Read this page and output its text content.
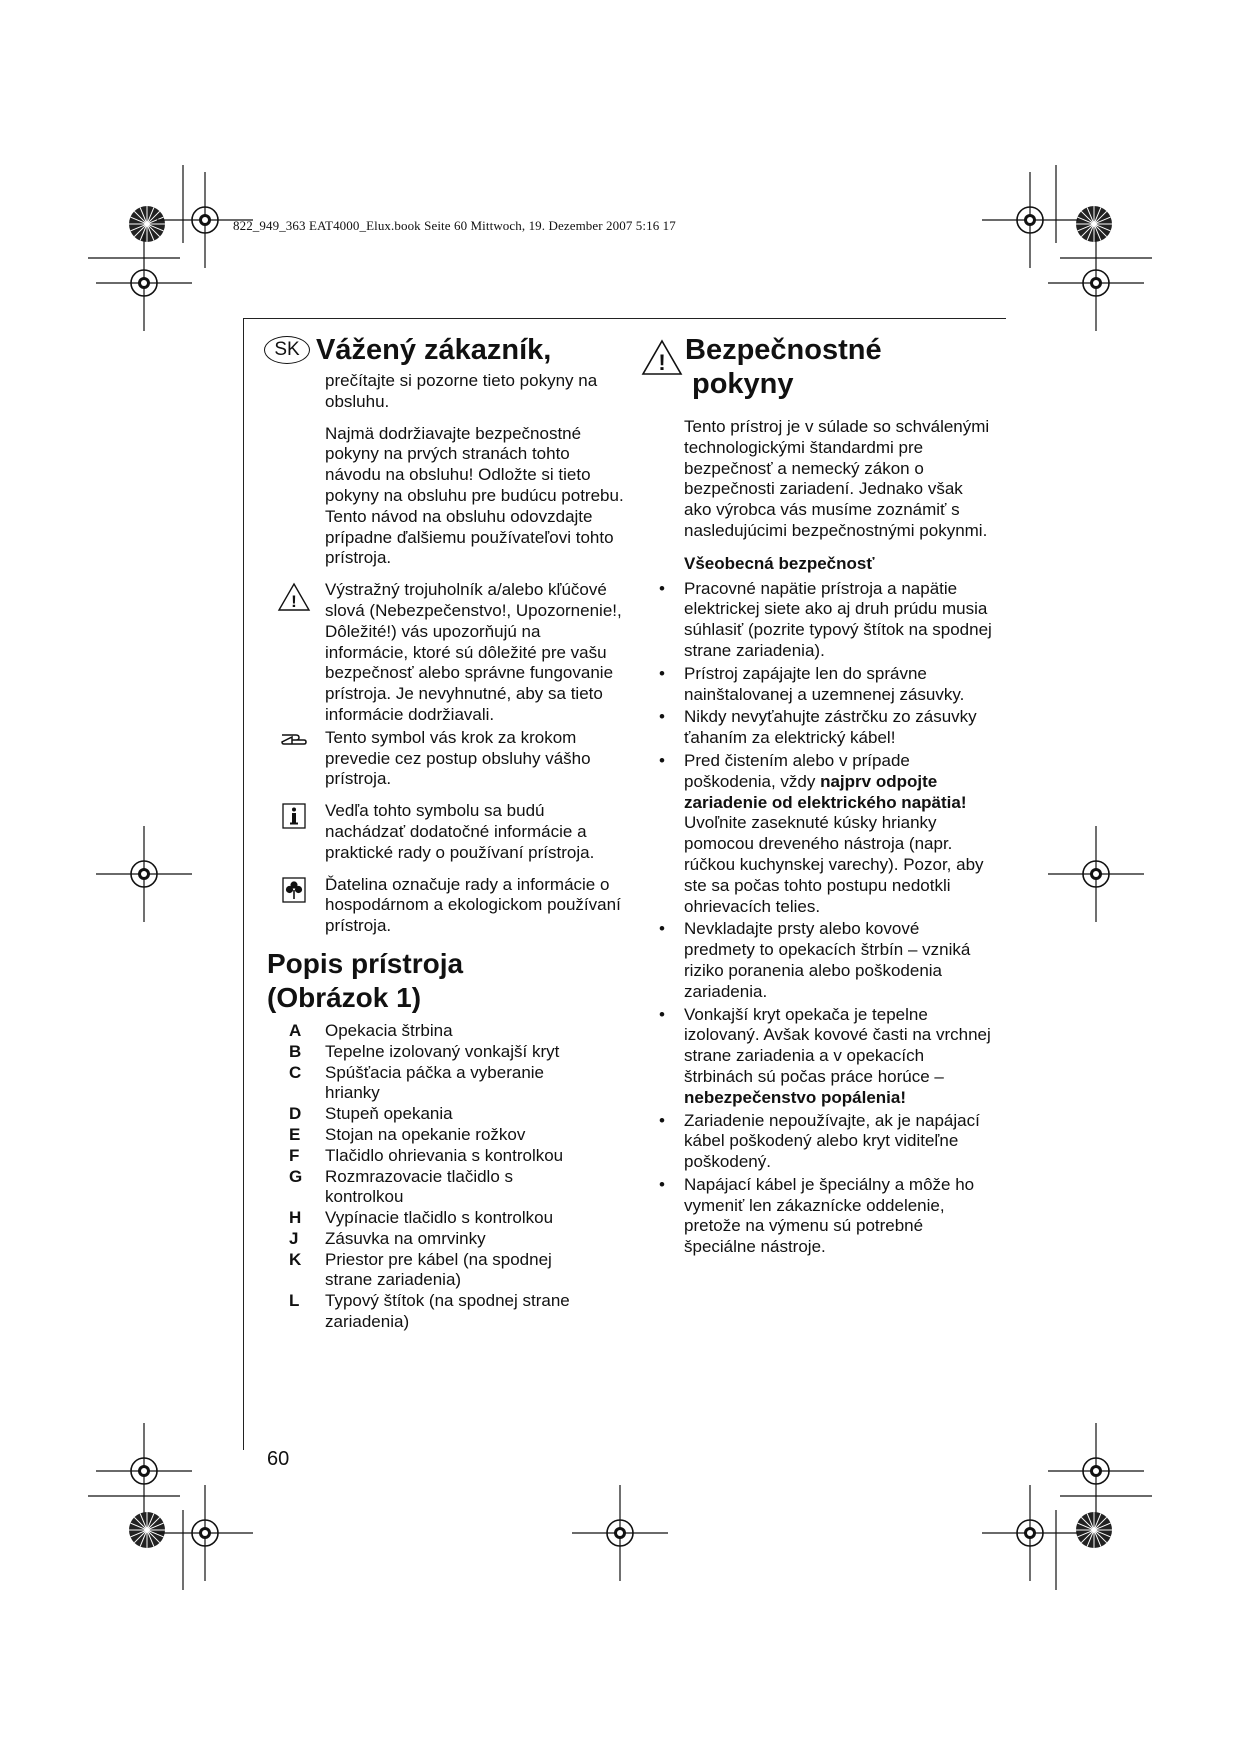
822_949_363 EAT4000_Elux.book Seite 60 Mittwoch, 19. Dezember 2007 5:16 17
SK Vážený zákazník,

prečítajte si pozorne tieto pokyny na obsluhu.

Najmä dodržiavajte bezpečnostné pokyny na prvých stranách tohto návodu na obsluhu! Odložte si tieto pokyny na obsluhu pre budúcu potrebu. Tento návod na obsluhu odovzdajte prípadne ďalšiemu používateľovi tohto prístroja.

!

Výstražný trojuholník a/alebo kľúčové slová (Nebezpečenstvo!, Upozornenie!, Dôležité!) vás upozorňujú na informácie, ktoré sú dôležité pre vašu bezpečnosť alebo správne fungovanie prístroja. Je nevyhnutné, aby sa tieto informácie dodržiavali.

Tento symbol vás krok za krokom prevedie cez postup obsluhy vášho prístroja.

Vedľa tohto symbolu sa budú nachádzať dodatočné informácie a praktické rady o používaní prístroja.

Ďatelina označuje rady a informácie o hospodárnom a ekologickom používaní prístroja.

Popis prístroja
(Obrázok 1)
A	Opekacia štrbina
B	Tepelne izolovaný vonkajší kryt
C	Spúšťacia páčka a vyberanie hrianky
D	Stupeň opekania
E	Stojan na opekanie rožkov
F	Tlačidlo ohrievania s kontrolkou
G	Rozmrazovacie tlačidlo s kontrolkou
H	Vypínacie tlačidlo s kontrolkou
J	Zásuvka na omrvinky
K	Priestor pre kábel (na spodnej strane zariadenia)
L	Typový štítok (na spodnej strane zariadenia)
! Bezpečnostné
pokyny

Tento prístroj je v súlade so schválenými technologickými štandardmi pre bezpečnosť a nemecký zákon o bezpečnosti zariadení. Jednako však ako výrobca vás musíme zoznámiť s nasledujúcimi bezpečnostnými pokynmi.

Všeobecná bezpečnosť

• Pracovné napätie prístroja a napätie elektrickej siete ako aj druh prúdu musia súhlasiť (pozrite typový štítok na spodnej strane zariadenia).
• Prístroj zapájajte len do správne nainštalovanej a uzemnenej zásuvky.
• Nikdy nevyťahujte zástrčku zo zásuvky ťahaním za elektrický kábel!
• Pred čistením alebo v prípade poškodenia, vždy najprv odpojte zariadenie od elektrického napätia! Uvoľnite zaseknuté kúsky hrianky pomocou dreveného nástroja (napr. rúčkou kuchynskej varechy). Pozor, aby ste sa počas tohto postupu nedotkli ohrievacích telies.
• Nevkladajte prsty alebo kovové predmety to opekacích štrbín – vzniká riziko poranenia alebo poškodenia zariadenia.
• Vonkajší kryt opekača je tepelne izolovaný. Avšak kovové časti na vrchnej strane zariadenia a v opekacích štrbinách sú počas práce horúce – nebezpečenstvo popálenia!
• Zariadenie nepoužívajte, ak je napájací kábel poškodený alebo kryt viditeľne poškodený.
• Napájací kábel je špeciálny a môže ho vymeniť len zákaznícke oddelenie, pretože na výmenu sú potrebné špeciálne nástroje.
60
